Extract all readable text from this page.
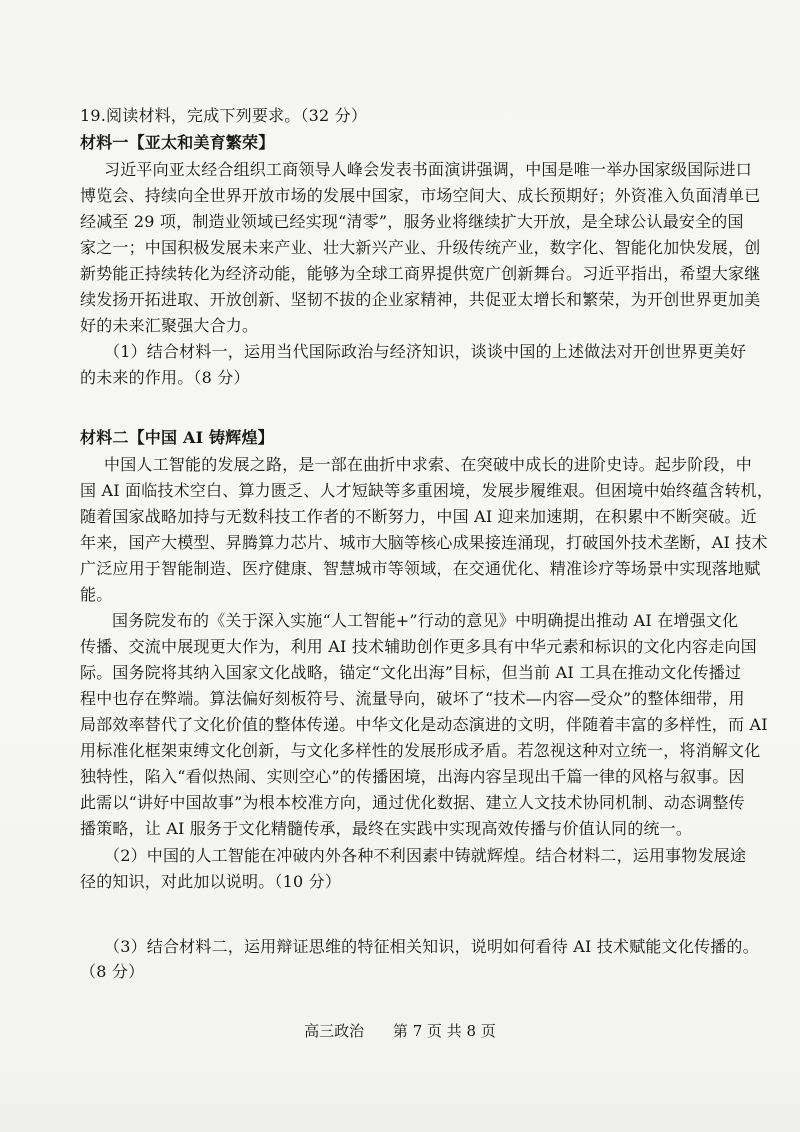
19.阅读材料，完成下列要求。（32 分）
材料一【亚太和美育繁荣】
习近平向亚太经合组织工商领导人峰会发表书面演讲强调，中国是唯一举办国家级国际进口
博览会、持续向全世界开放市场的发展中国家，市场空间大、成长预期好；外资准入负面清单已
经减至 29 项，制造业领域已经实现“清零”，服务业将继续扩大开放，是全球公认最安全的国
家之一；中国积极发展未来产业、壮大新兴产业、升级传统产业，数字化、智能化加快发展，创
新势能正持续转化为经济动能，能够为全球工商界提供宽广创新舞台。习近平指出，希望大家继
续发扬开拓进取、开放创新、坚韧不拔的企业家精神，共促亚太增长和繁荣，为开创世界更加美
好的未来汇聚强大合力。
（1）结合材料一，运用当代国际政治与经济知识，谈谈中国的上述做法对开创世界更美好
的未来的作用。（8 分）
材料二【中国 AI 铸辉煌】
中国人工智能的发展之路，是一部在曲折中求索、在突破中成长的进阶史诗。起步阶段，中
国 AI 面临技术空白、算力匮乏、人才短缺等多重困境，发展步履维艰。但困境中始终蕴含转机，
随着国家战略加持与无数科技工作者的不断努力，中国 AI 迎来加速期，在积累中不断突破。近
年来，国产大模型、昇腾算力芯片、城市大脑等核心成果接连涌现，打破国外技术垄断，AI 技术
广泛应用于智能制造、医疗健康、智慧城市等领域，在交通优化、精准诊疗等场景中实现落地赋
能。
国务院发布的《关于深入实施“人工智能+”行动的意见》中明确提出推动 AI 在增强文化
传播、交流中展现更大作为，利用 AI 技术辅助创作更多具有中华元素和标识的文化内容走向国
际。国务院将其纳入国家文化战略，锚定“文化出海”目标，但当前 AI 工具在推动文化传播过
程中也存在弊端。算法偏好刻板符号、流量导向，破坏了“技术—内容—受众”的整体细带，用
局部效率替代了文化价值的整体传递。中华文化是动态演进的文明，伴随着丰富的多样性，而 AI
用标准化框架束缚文化创新，与文化多样性的发展形成矛盾。若忽视这种对立统一，将消解文化
独特性，陷入“看似热闹、实则空心”的传播困境，出海内容呈现出千篇一律的风格与叙事。因
此需以“讲好中国故事”为根本校准方向，通过优化数据、建立人文技术协同机制、动态调整传
播策略，让 AI 服务于文化精髓传承，最终在实践中实现高效传播与价值认同的统一。
（2）中国的人工智能在冲破内外各种不利因素中铸就辉煌。结合材料二，运用事物发展途
径的知识，对此加以说明。（10 分）
（3）结合材料二，运用辩证思维的特征相关知识，说明如何看待 AI 技术赋能文化传播的。
（8 分）
高三政治 第 7 页 共 8 页
